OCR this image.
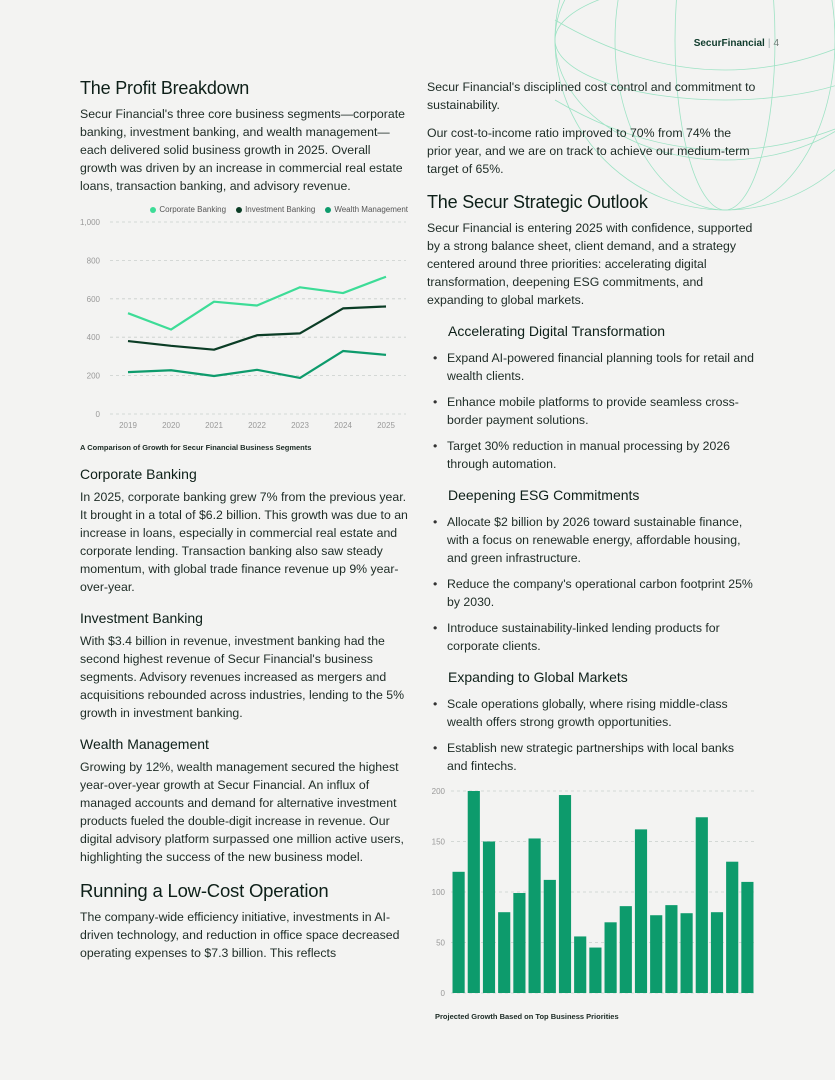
SecurFinancial | 4
The Profit Breakdown

Secur Financial's three core business segments—corporate banking, investment banking, and wealth management—each delivered solid business growth in 2025. Overall growth was driven by an increase in commercial real estate loans, transaction banking, and advisory revenue.

Corporate Banking Investment Banking Wealth Management
0
200
400
600
800
1,000
2019	2020	2021	2022	2023	2024	2025
A Comparison of Growth for Secur Financial Business Segments
Corporate Banking

In 2025, corporate banking grew 7% from the previous year. It brought in a total of $6.2 billion. This growth was due to an increase in loans, especially in commercial real estate and corporate lending. Transaction banking also saw steady momentum, with global trade finance revenue up 9% year-over-year.

Investment Banking

With $3.4 billion in revenue, investment banking had the second highest revenue of Secur Financial's business segments. Advisory revenues increased as mergers and acquisitions rebounded across industries, lending to the 5% growth in investment banking.

Wealth Management

Growing by 12%, wealth management secured the highest year-over-year growth at Secur Financial. An influx of managed accounts and demand for alternative investment products fueled the double-digit increase in revenue. Our digital advisory platform surpassed one million active users, highlighting the success of the new business model.

Running a Low-Cost Operation

The company-wide efficiency initiative, investments in AI-driven technology, and reduction in office space decreased operating expenses to $7.3 billion. This reflects

Secur Financial's disciplined cost control and commitment to sustainability.

Our cost-to-income ratio improved to 70% from 74% the prior year, and we are on track to achieve our medium-term target of 65%.

The Secur Strategic Outlook

Secur Financial is entering 2025 with confidence, supported by a strong balance sheet, client demand, and a strategy centered around three priorities: accelerating digital transformation, deepening ESG commitments, and expanding to global markets.

Accelerating Digital Transformation
• Expand AI-powered financial planning tools for retail and wealth clients.
• Enhance mobile platforms to provide seamless cross-border payment solutions.
• Target 30% reduction in manual processing by 2026 through automation.
Deepening ESG Commitments
• Allocate $2 billion by 2026 toward sustainable finance, with a focus on renewable energy, affordable housing, and green infrastructure.
• Reduce the company's operational carbon footprint 25% by 2030.
• Introduce sustainability-linked lending products for corporate clients.
Expanding to Global Markets
• Scale operations globally, where rising middle-class wealth offers strong growth opportunities.
• Establish new strategic partnerships with local banks and fintechs.
0
50
100
150
200
Projected Growth Based on Top Business Priorities
